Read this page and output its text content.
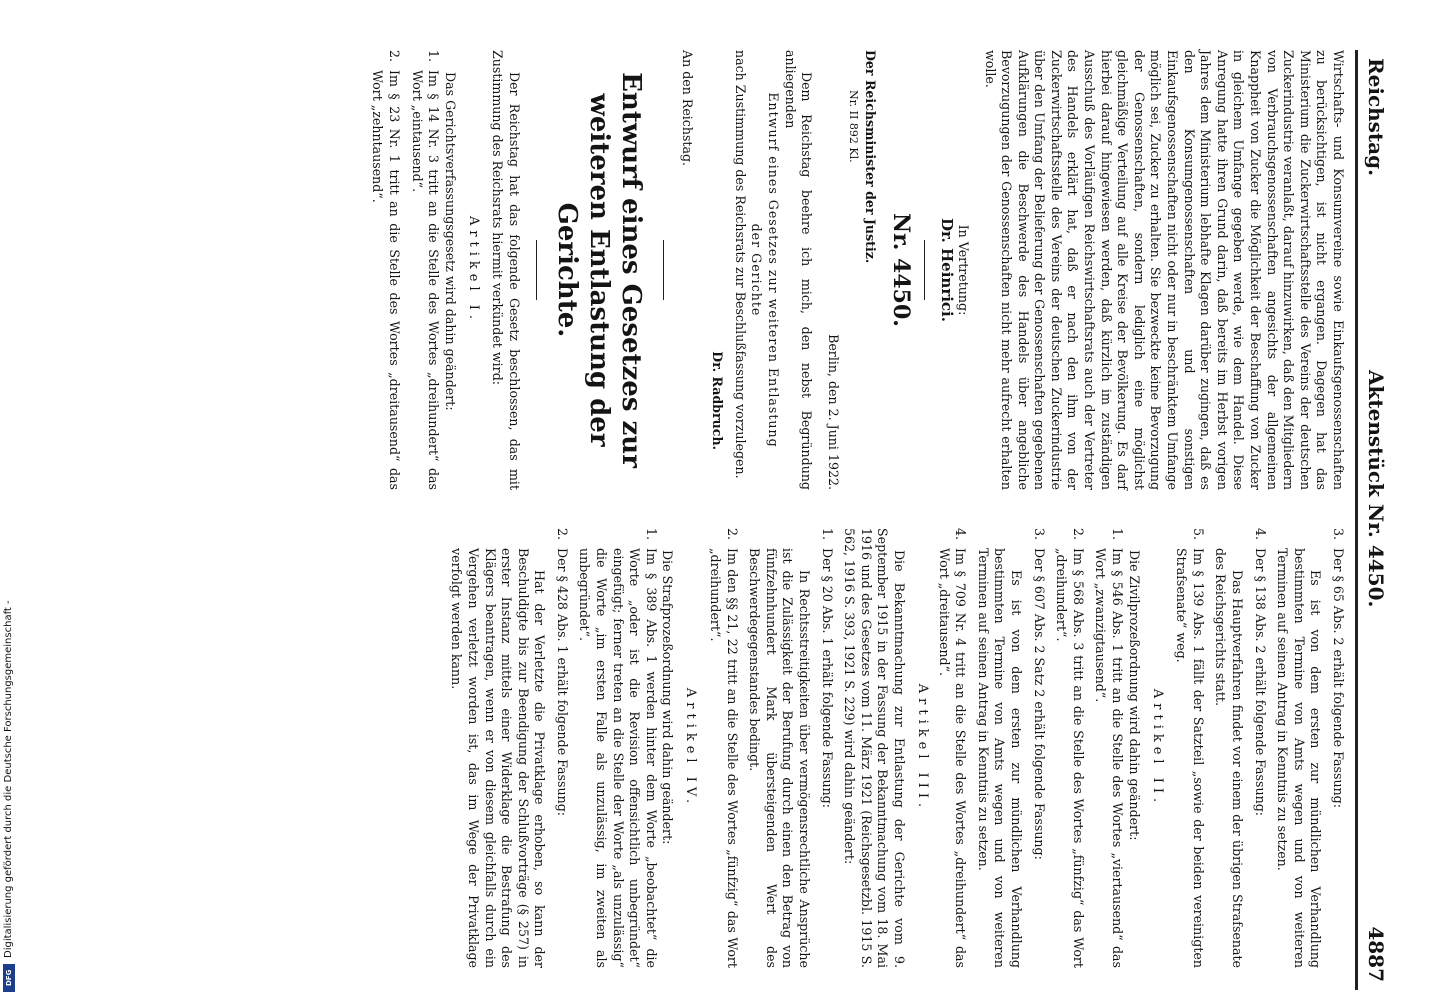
Digitalisierung gefördert durch die Deutsche Forschungsgemeinschaft -
DFG
Reichstag.
Aktenstück Nr. 4450.
4887

Wirtschafts- und Konsumvereine sowie Einkaufsgenossenschaften zu berücksichtigen, ist nicht ergangen. Dagegen hat das Ministerium die Zuckerwirtschaftsstelle des Vereins der deutschen Zuckerindustrie veranlaßt, darauf hinzuwirken, daß den Mitgliedern von Verbrauchsgenossenschaften angesichts der allgemeinen Knappheit von Zucker die Möglichkeit der Beschaffung von Zucker in gleichem Umfange gegeben werde, wie dem Handel. Diese Anregung hatte ihren Grund darin, daß bereits im Herbst vorigen Jahres dem Ministerium lebhafte Klagen darüber zugingen, daß es den Konsumgenossenschaften und sonstigen Einkaufsgenossenschaften nicht oder nur in beschränktem Umfange möglich sei, Zucker zu erhalten. Sie bezweckte keine Bevorzugung der Genossenschaften, sondern lediglich eine möglichst gleichmäßige Verteilung auf alle Kreise der Bevölkerung. Es darf hierbei darauf hingewiesen werden, daß kürzlich im zuständigen Ausschuß des Vorläufigen Reichswirtschaftsrats auch der Vertreter des Handels erklärt hat, daß er nach den ihm von der Zuckerwirtschaftsstelle des Vereins der deutschen Zuckerindustrie über den Umfang der Belieferung der Genossenschaften gegebenen Aufklärungen die Beschwerde des Handels über angebliche Bevorzugungen der Genossenschaften nicht mehr aufrecht erhalten wolle.

In Vertretung:

Dr. Heinrici.

3.
Der § 65 Abs. 2 erhält folgende Fassung:

Es ist von dem ersten zur mündlichen Verhandlung bestimmten Termine von Amts wegen und von weiteren Terminen auf seinen Antrag in Kenntnis zu setzen.

4.
Der § 138 Abs. 2 erhält folgende Fassung:

Das Hauptverfahren findet vor einem der übrigen Strafsenate des Reichsgerichts statt.

5.
Im § 139 Abs. 1 fällt der Satzteil „sowie der beiden vereinigten Strafsenate“ weg.

Artikel II.

Die Zivilprozeßordnung wird dahin geändert:

1.
Im § 546 Abs. 1 tritt an die Stelle des Wortes „viertausend“ das Wort „zwanzigtausend“.
2.
Im § 568 Abs. 3 tritt an die Stelle des Wortes „fünfzig“ das Wort „dreihundert“.
3.
Der § 607 Abs. 2 Satz 2 erhält folgende Fassung:

Es ist von dem ersten zur mündlichen Verhandlung bestimmten Termine von Amts wegen und von weiteren Terminen auf seinen Antrag in Kenntnis zu setzen.

4.
Im § 709 Nr. 4 tritt an die Stelle des Wortes „dreihundert“ das Wort „dreitausend“.

Nr. 4450.

Der Reichsminister der Justiz.

Nr. II 892 Kl.

Berlin, den 2. Juni 1922.

Dem Reichstag beehre ich mich, den nebst Begründung anliegenden

Entwurf eines Gesetzes zur weiteren Entlastung der Gerichte

nach Zustimmung des Reichsrats zur Beschlußfassung vorzulegen.

Dr. Radbruch.

An den Reichstag.

Entwurf eines Gesetzes zur weiteren Entlastung der Gerichte.

Der Reichstag hat das folgende Gesetz beschlossen, das mit Zustimmung des Reichsrats hiermit verkündet wird:

Artikel I.

Das Gerichtsverfassungsgesetz wird dahin geändert:

1.
Im § 14 Nr. 3 tritt an die Stelle des Wortes „dreihundert“ das Wort „eintausend“.
2.
Im § 23 Nr. 1 tritt an die Stelle des Wortes „dreitausend“ das Wort „zehntausend“.

Artikel III.

Die Bekanntmachung zur Entlastung der Gerichte vom 9. September 1915 in der Fassung der Bekanntmachung vom 18. Mai 1916 und des Gesetzes vom 11. März 1921 (Reichsgesetzbl. 1915 S. 562, 1916 S. 393, 1921 S. 229) wird dahin geändert:

1.
Der § 20 Abs. 1 erhält folgende Fassung:

In Rechtsstreitigkeiten über vermögensrechtliche Ansprüche ist die Zulässigkeit der Berufung durch einen den Betrag von fünfzehnhundert Mark übersteigenden Wert des Beschwerdegegenstandes bedingt.

2.
Im den §§ 21, 22 tritt an die Stelle des Wortes „fünfzig“ das Wort „dreihundert“.

Artikel IV.

Die Strafprozeßordnung wird dahin geändert:

1.
Im § 389 Abs. 1 werden hinter dem Worte „beobachtet“ die Worte „oder ist die Revision offensichtlich unbegründet“ eingefügt; ferner treten an die Stelle der Worte „als unzulässig“ die Worte „im ersten Falle als unzulässig, im zweiten als unbegründet“.
2.
Der § 428 Abs. 1 erhält folgende Fassung:

Hat der Verletzte die Privatklage erhoben, so kann der Beschuldigte bis zur Beendigung der Schlußvorträge (§ 257) in erster Instanz mittels einer Widerklage die Bestrafung des Klägers beantragen, wenn er von diesem gleichfalls durch ein Vergehen verletzt worden ist, das im Wege der Privatklage verfolgt werden kann.
